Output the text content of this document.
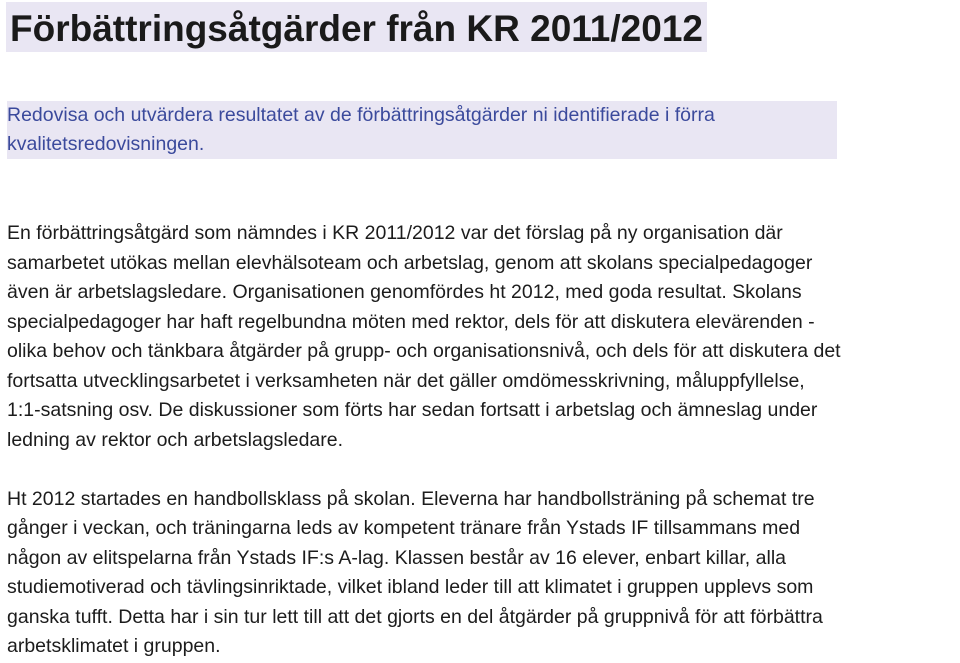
Förbättringsåtgärder från KR 2011/2012
Redovisa och utvärdera resultatet av de förbättringsåtgärder ni identifierade i förra
kvalitetsredovisningen.

En förbättringsåtgärd som nämndes i KR 2011/2012 var det förslag på ny organisation där
samarbetet utökas mellan elevhälsoteam och arbetslag, genom att skolans specialpedagoger
även är arbetslagsledare. Organisationen genomfördes ht 2012, med goda resultat. Skolans
specialpedagoger har haft regelbundna möten med rektor, dels för att diskutera elevärenden -
olika behov och tänkbara åtgärder på grupp- och organisationsnivå, och dels för att diskutera det
fortsatta utvecklingsarbetet i verksamheten när det gäller omdömesskrivning, måluppfyllelse,
1:1-satsning osv. De diskussioner som förts har sedan fortsatt i arbetslag och ämneslag under
ledning av rektor och arbetslagsledare.

Ht 2012 startades en handbollsklass på skolan. Eleverna har handbollsträning på schemat tre
gånger i veckan, och träningarna leds av kompetent tränare från Ystads IF tillsammans med
någon av elitspelarna från Ystads IF:s A-lag. Klassen består av 16 elever, enbart killar, alla
studiemotiverad och tävlingsinriktade, vilket ibland leder till att klimatet i gruppen upplevs som
ganska tufft. Detta har i sin tur lett till att det gjorts en del åtgärder på gruppnivå för att förbättra
arbetsklimatet i gruppen.
